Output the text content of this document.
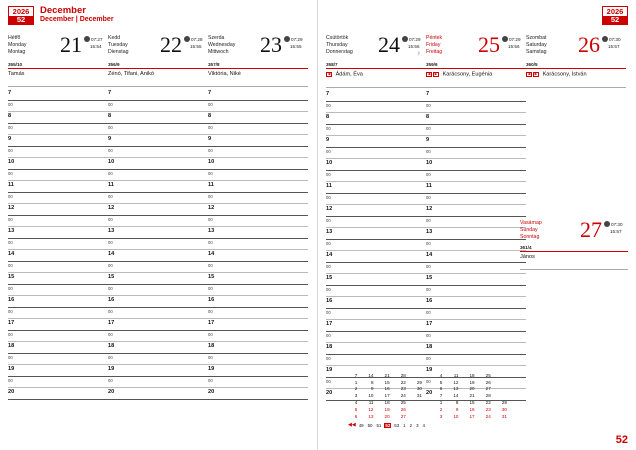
2026
52
December
December | December
Hétfő
Monday
Montag	21	07:27
15:54
355/10
Tamás
Kedd
Tuesday
Dienstag	22	07:28
15:55
356/9
Zénó, Tifani, Anikó
Szerda
Wednesday
Mittwoch	23	07:29
15:55
357/8
Viktória, Niké
7
00
8
00
9
00
10
00
11
00
12
00
13
00
14
00
15
00
16
00
17
00
18
00
19
00
20
7
00
8
00
9
00
10
00
11
00
12
00
13
00
14
00
15
00
16
00
17
00
18
00
19
00
20
7
00
8
00
9
00
10
00
11
00
12
00
13
00
14
00
15
00
16
00
17
00
18
00
19
00
20
2026
52
Csütörtök
Thursday
Donnerstag	24	07:29
15:56
☽
358/7
◀ Ádám, Éva
Péntek
Friday
Freitag	25	07:29
15:56
359/6
◀	▶ Karácsony, Eugénia
Szombat
Saturday
Samstag	26	07:30
15:57
360/5
◀	▶ Karácsony, István
7
00
8
00
9
00
10
00
11
00
12
00
13
00
14
00
15
00
16
00
17
00
18
00
19
00
20
7
00
8
00
9
00
10
00
11
00
12
00
13
00
14
00
15
00
16
00
17
00
18
00
19
00
20
Vasárnap
Sunday
Sonntag	27	07:30
15:57
361/4
János
7	14	21	28			4	11	18	25	
1	8	15	22	29		5	12	19	26	
2	9	16	23	30		6	13	20	27	
3	10	17	24	31		7	14	21	28	
4	11	18	25			1	8	15	22	29
5	12	19	26			2	9	16	23	30
6	13	20	27			3	10	17	24	31
◀◀ 49 50 51 52 53 1 2 3 4
52
